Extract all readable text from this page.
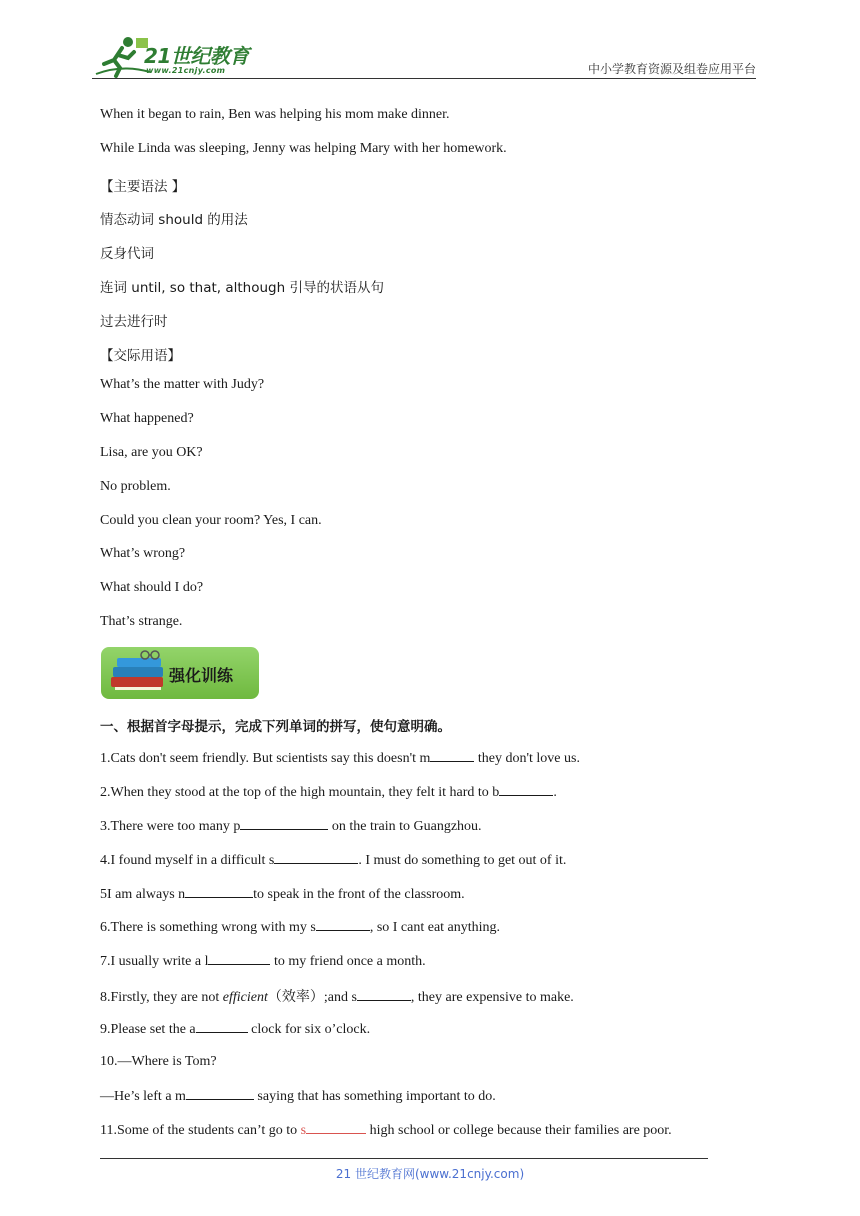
21世纪教育
www.21cnjy.com	中小学教育资源及组卷应用平台
When it began to rain, Ben was helping his mom make dinner.
While Linda was sleeping, Jenny was helping Mary with her homework.
【主要语法 】
情态动词 should 的用法
反身代词
连词 until, so that, although 引导的状语从句
过去进行时
【交际用语】
What’s the matter with Judy?
What happened?
Lisa, are you OK?
No problem.
Could you clean your room? Yes, I can.
What’s wrong?
What should I do?
That’s strange.
强化训练
一、根据首字母提示，完成下列单词的拼写，使句意明确。
1.Cats don't seem friendly. But scientists say this doesn't m	they don't love us.
2.When they stood at the top of the high mountain, they felt it hard to b	.
3.There were too many p	on the train to Guangzhou.
4.I found myself in a difficult s	. I must do something to get out of it.
5I am always n	to speak in the front of the classroom.
6.There is something wrong with my s	, so I cant eat anything.
7.I usually write a l	to my friend once a month.
8.Firstly, they are not efficient（效率）;and s	, they are expensive to make.
9.Please set the a	clock for six o’clock.
10.—Where is Tom?
—He’s left a m	saying that has something important to do.
11.Some of the students can’t go to s	high school or college because their families are poor.
21 世纪教育网(www.21cnjy.com)
